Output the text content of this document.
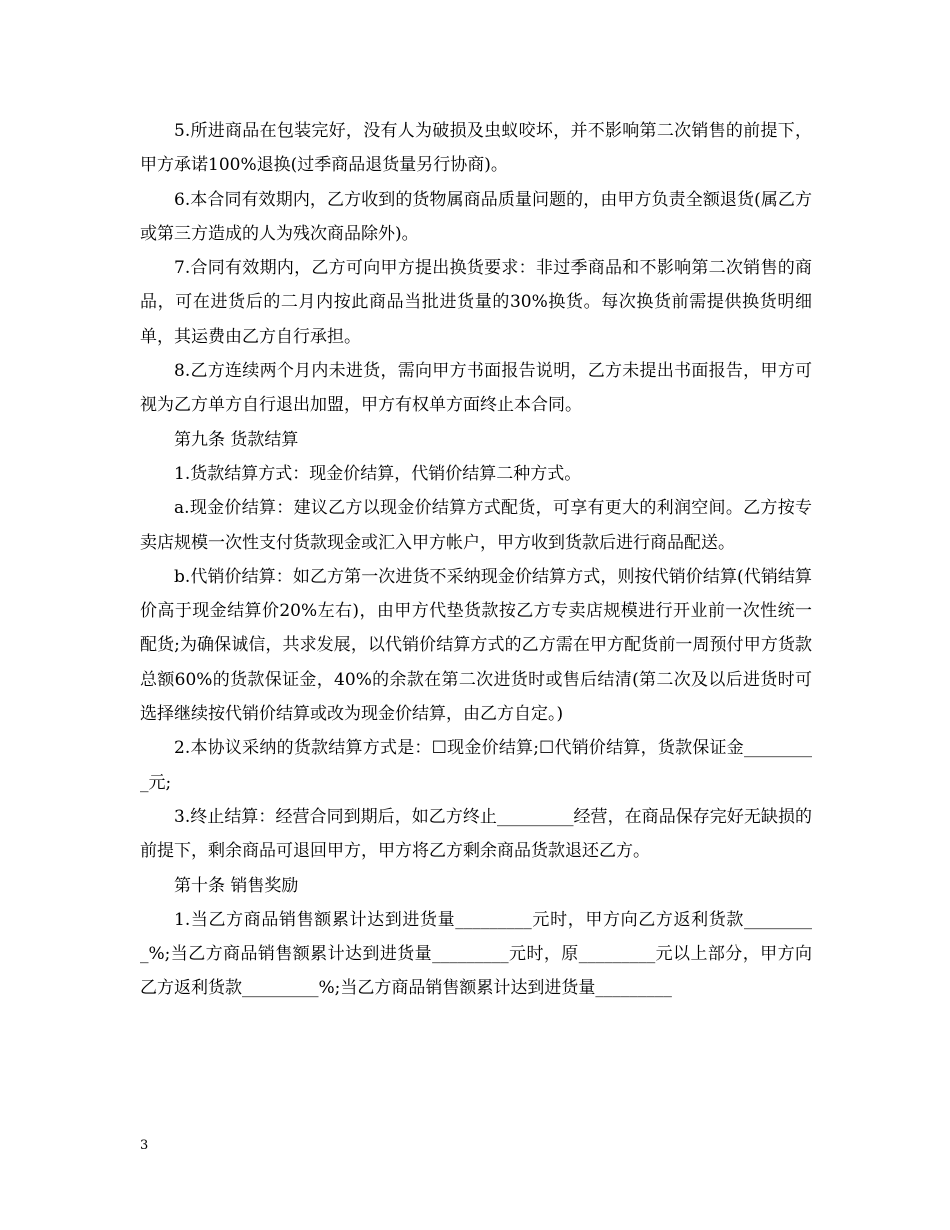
5.所进商品在包装完好，没有人为破损及虫蚁咬坏，并不影响第二次销售的前提下，甲方承诺100%退换(过季商品退货量另行协商)。

6.本合同有效期内，乙方收到的货物属商品质量问题的，由甲方负责全额退货(属乙方或第三方造成的人为残次商品除外)。

7.合同有效期内，乙方可向甲方提出换货要求：非过季商品和不影响第二次销售的商品，可在进货后的二月内按此商品当批进货量的30%换货。每次换货前需提供换货明细单，其运费由乙方自行承担。

8.乙方连续两个月内未进货，需向甲方书面报告说明，乙方未提出书面报告，甲方可视为乙方单方自行退出加盟，甲方有权单方面终止本合同。

第九条 货款结算

1.货款结算方式：现金价结算，代销价结算二种方式。

a.现金价结算：建议乙方以现金价结算方式配货，可享有更大的利润空间。乙方按专卖店规模一次性支付货款现金或汇入甲方帐户，甲方收到货款后进行商品配送。

b.代销价结算：如乙方第一次进货不采纳现金价结算方式，则按代销价结算(代销结算价高于现金结算价20%左右)，由甲方代垫货款按乙方专卖店规模进行开业前一次性统一配货;为确保诚信，共求发展，以代销价结算方式的乙方需在甲方配货前一周预付甲方货款总额60%的货款保证金，40%的余款在第二次进货时或售后结清(第二次及以后进货时可选择继续按代销价结算或改为现金价结算，由乙方自定。)

2.本协议采纳的货款结算方式是：☐现金价结算;☐代销价结算，货款保证金_________元;

3.终止结算：经营合同到期后，如乙方终止_________经营，在商品保存完好无缺损的前提下，剩余商品可退回甲方，甲方将乙方剩余商品货款退还乙方。

第十条 销售奖励

1.当乙方商品销售额累计达到进货量_________元时，甲方向乙方返利货款_________%;当乙方商品销售额累计达到进货量_________元时，原_________元以上部分，甲方向乙方返利货款_________%;当乙方商品销售额累计达到进货量_________

3
